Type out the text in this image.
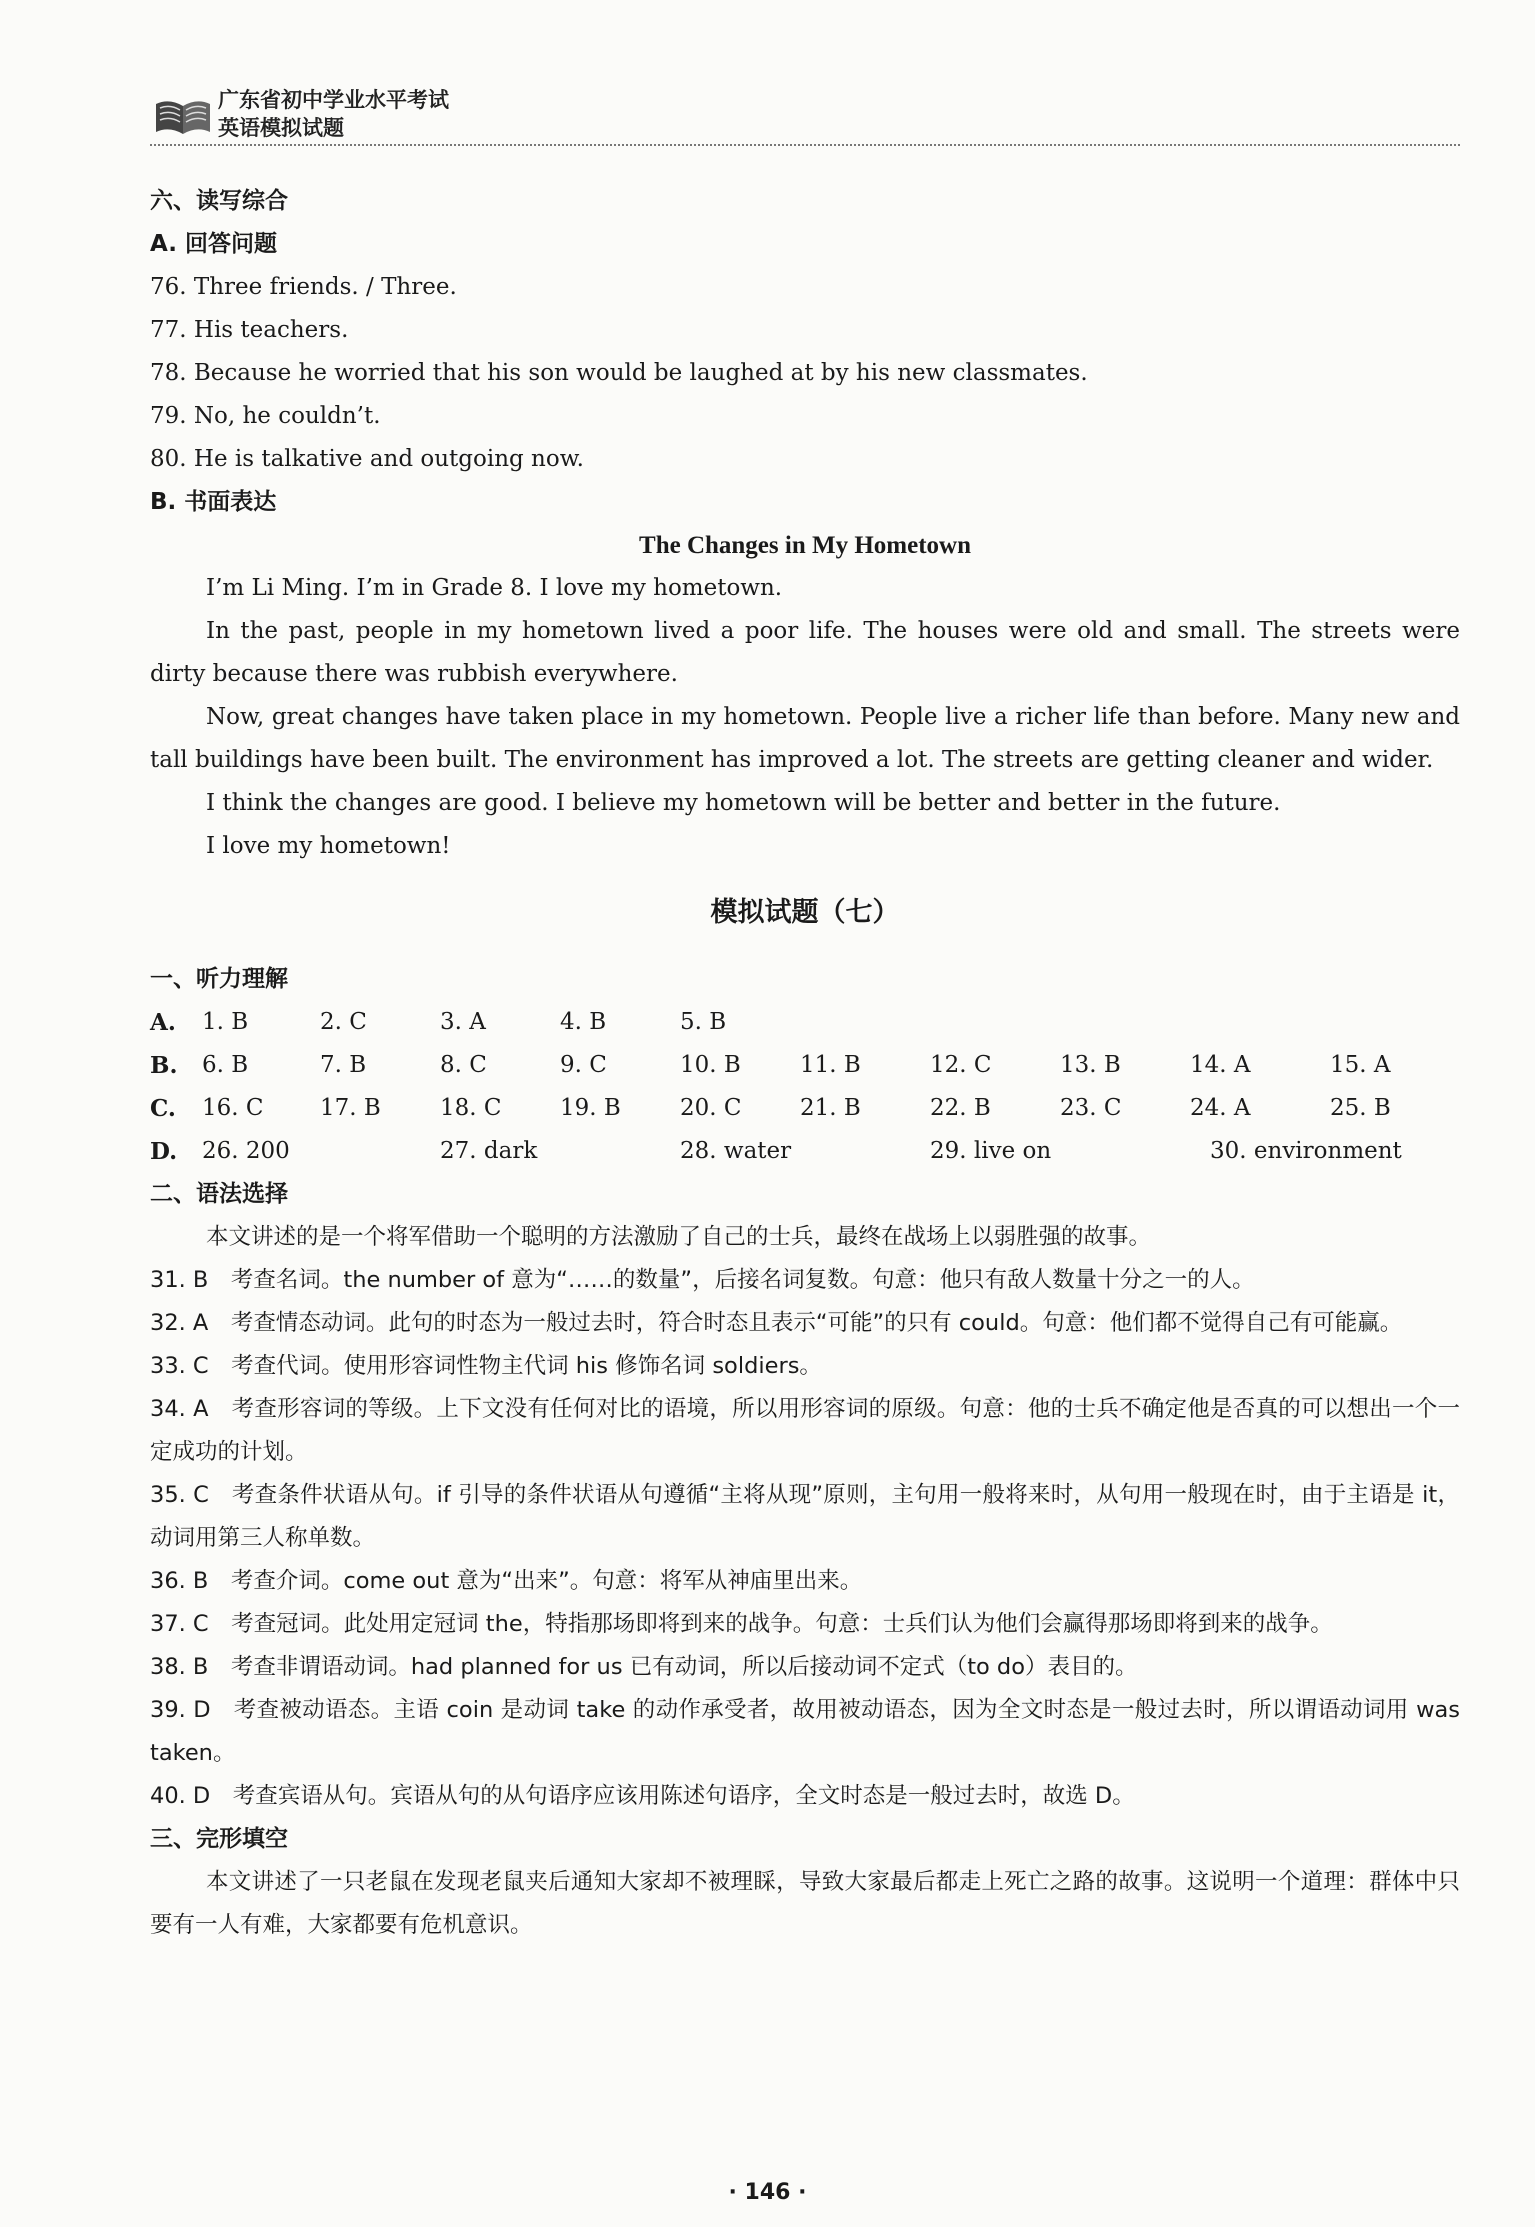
广东省初中学业水平考试
英语模拟试题
六、读写综合
A. 回答问题
76. Three friends. / Three.
77. His teachers.
78. Because he worried that his son would be laughed at by his new classmates.
79. No, he couldn’t.
80. He is talkative and outgoing now.
B. 书面表达
The Changes in My Hometown
I’m Li Ming. I’m in Grade 8. I love my hometown.
In the past, people in my hometown lived a poor life. The houses were old and small. The streets were dirty because there was rubbish everywhere.
Now, great changes have taken place in my hometown. People live a richer life than before. Many new and tall buildings have been built. The environment has improved a lot. The streets are getting cleaner and wider.
I think the changes are good. I believe my hometown will be better and better in the future.
I love my hometown!
模拟试题（七）
一、听力理解
A. 1. B	2. C	3. A	4. B	5. B
B. 6. B	7. B	8. C	9. C	10. B	11. B	12. C	13. B	14. A	15. A
C. 16. C 17. B	18. C	19. B	20. C	21. B	22. B	23. C	24. A	25. B
D. 26. 200	27. dark	28. water	29. live on	30. environment
二、语法选择
本文讲述的是一个将军借助一个聪明的方法激励了自己的士兵，最终在战场上以弱胜强的故事。
31. B　考查名词。the number of 意为“……的数量”，后接名词复数。句意：他只有敌人数量十分之一的人。
32. A　考查情态动词。此句的时态为一般过去时，符合时态且表示“可能”的只有 could。句意：他们都不觉得自己有可能赢。
33. C　考查代词。使用形容词性物主代词 his 修饰名词 soldiers。
34. A　考查形容词的等级。上下文没有任何对比的语境，所以用形容词的原级。句意：他的士兵不确定他是否真的可以想出一个一定成功的计划。
35. C　考查条件状语从句。if 引导的条件状语从句遵循“主将从现”原则，主句用一般将来时，从句用一般现在时，由于主语是 it，动词用第三人称单数。
36. B　考查介词。come out 意为“出来”。句意：将军从神庙里出来。
37. C　考查冠词。此处用定冠词 the，特指那场即将到来的战争。句意：士兵们认为他们会赢得那场即将到来的战争。
38. B　考查非谓语动词。had planned for us 已有动词，所以后接动词不定式（to do）表目的。
39. D　考查被动语态。主语 coin 是动词 take 的动作承受者，故用被动语态，因为全文时态是一般过去时，所以谓语动词用 was taken。
40. D　考查宾语从句。宾语从句的从句语序应该用陈述句语序，全文时态是一般过去时，故选 D。
三、完形填空
本文讲述了一只老鼠在发现老鼠夹后通知大家却不被理睬，导致大家最后都走上死亡之路的故事。这说明一个道理：群体中只要有一人有难，大家都要有危机意识。
· 146 ·
